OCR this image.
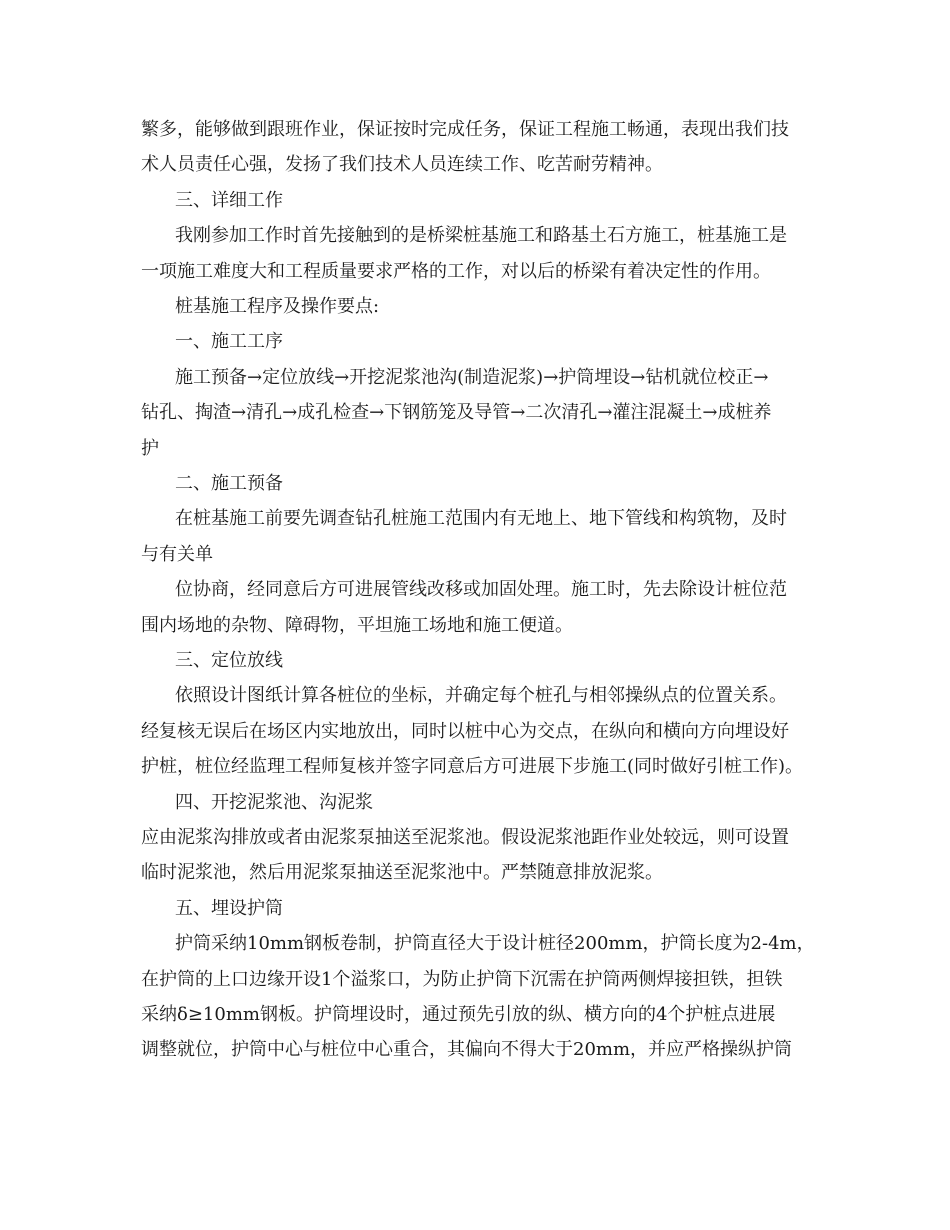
繁多，能够做到跟班作业，保证按时完成任务，保证工程施工畅通，表现出我们技
术人员责任心强，发扬了我们技术人员连续工作、吃苦耐劳精神。
三、详细工作
我刚参加工作时首先接触到的是桥梁桩基施工和路基土石方施工，桩基施工是
一项施工难度大和工程质量要求严格的工作，对以后的桥梁有着决定性的作用。
桩基施工程序及操作要点:
一、施工工序
施工预备→定位放线→开挖泥浆池沟(制造泥浆)→护筒埋设→钻机就位校正→
钻孔、掏渣→清孔→成孔检查→下钢筋笼及导管→二次清孔→灌注混凝土→成桩养
护
二、施工预备
在桩基施工前要先调查钻孔桩施工范围内有无地上、地下管线和构筑物，及时
与有关单
位协商，经同意后方可进展管线改移或加固处理。施工时，先去除设计桩位范
围内场地的杂物、障碍物，平坦施工场地和施工便道。
三、定位放线
依照设计图纸计算各桩位的坐标，并确定每个桩孔与相邻操纵点的位置关系。
经复核无误后在场区内实地放出，同时以桩中心为交点，在纵向和横向方向埋设好
护桩，桩位经监理工程师复核并签字同意后方可进展下步施工(同时做好引桩工作)。
四、开挖泥浆池、沟泥浆
应由泥浆沟排放或者由泥浆泵抽送至泥浆池。假设泥浆池距作业处较远，则可设置
临时泥浆池，然后用泥浆泵抽送至泥浆池中。严禁随意排放泥浆。
五、埋设护筒
护筒采纳10mm钢板卷制，护筒直径大于设计桩径200mm，护筒长度为2-4m，
在护筒的上口边缘开设1个溢浆口，为防止护筒下沉需在护筒两侧焊接担铁，担铁
采纳δ≥10mm钢板。护筒埋设时，通过预先引放的纵、横方向的4个护桩点进展
调整就位，护筒中心与桩位中心重合，其偏向不得大于20mm，并应严格操纵护筒
